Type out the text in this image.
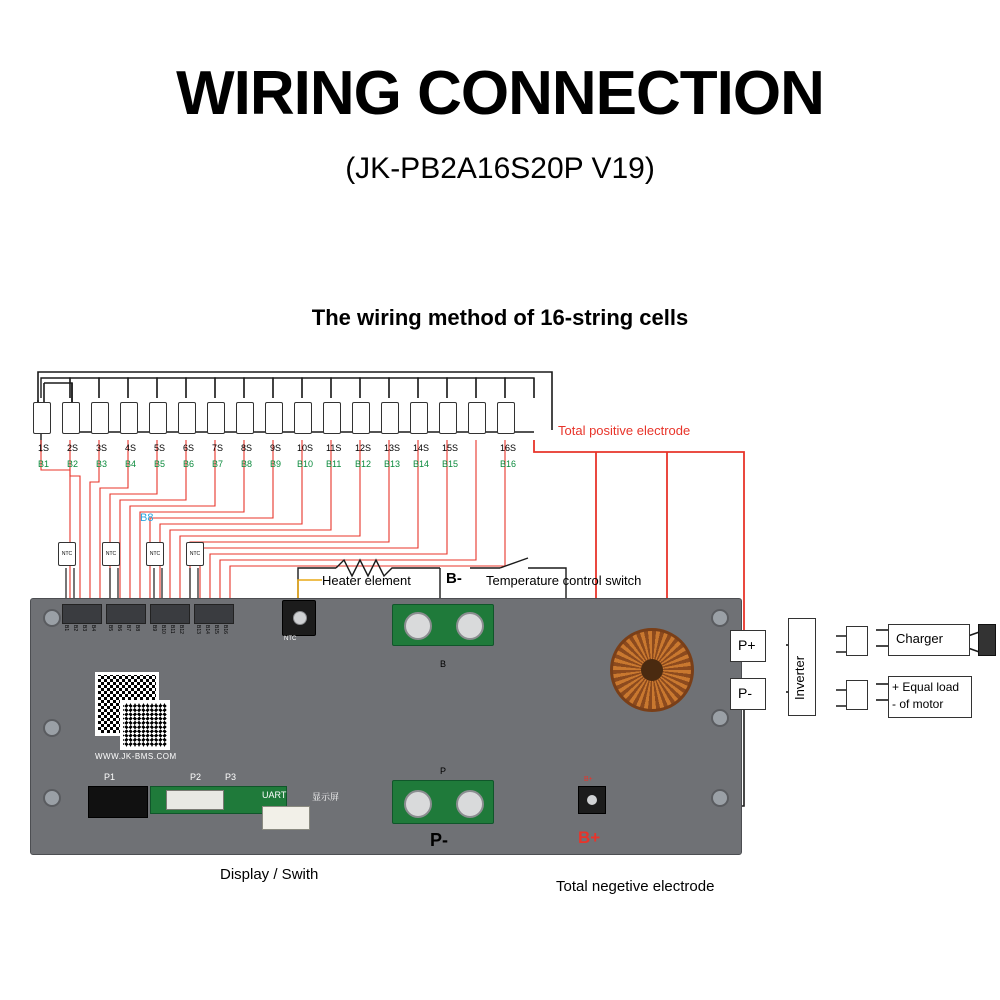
WIRING CONNECTION
(JK-PB2A16S20P V19)
The wiring method of 16-string cells
1S 2S 3S 4S 5S 6S 7S 8S 9S 10S 11S 12S 13S 14S 15S	16S
B1 B2 B3 B4 B5 B6 B7 B8 B9 B10 B11 B12 B13 B14 B15	B16
B8
NTC	NTC	NTC	NTC
Total positive electrode
Heater element B- Temperature control switch
B1 B2 B3 B4 B5 B6 B7 B8 B9 B10 B11 B12 B13 B14 B15 B16
NTC
B
P
P-	B+
B+
WWW.JK-BMS.COM
P1	P2	P3
UART	显示屏
Display / Swith
Total negetive electrode
P+
P-	Inverter
Charger
+ Equal load
- of motor
